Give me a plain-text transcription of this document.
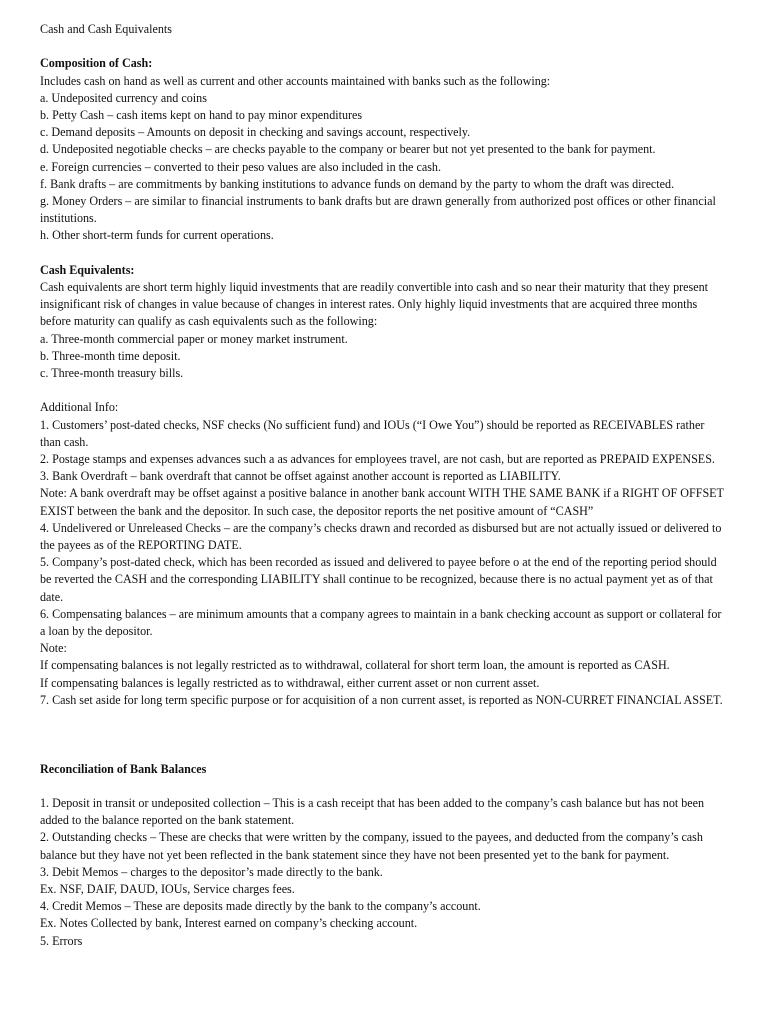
Cash and Cash Equivalents
Composition of Cash:
Includes cash on hand as well as current and other accounts maintained with banks such as the following:
a. Undeposited currency and coins
b. Petty Cash – cash items kept on hand to pay minor expenditures
c. Demand deposits – Amounts on deposit in checking and savings account, respectively.
d. Undeposited negotiable checks – are checks payable to the company or bearer but not yet presented to the bank for payment.
e. Foreign currencies – converted to their peso values are also included in the cash.
f. Bank drafts – are commitments by banking institutions to advance funds on demand by the party to whom the draft was directed.
g. Money Orders – are similar to financial instruments to bank drafts but are drawn generally from authorized post offices or other financial institutions.
h. Other short-term funds for current operations.
Cash Equivalents:
Cash equivalents are short term highly liquid investments that are readily convertible into cash and so near their maturity that they present insignificant risk of changes in value because of changes in interest rates. Only highly liquid investments that are acquired three months before maturity can qualify as cash equivalents such as the following:
a. Three-month commercial paper or money market instrument.
b. Three-month time deposit.
c. Three-month treasury bills.
Additional Info:
1. Customers’ post-dated checks, NSF checks (No sufficient fund) and IOUs (“I Owe You”) should be reported as RECEIVABLES rather than cash.
2. Postage stamps and expenses advances such a as advances for employees travel, are not cash, but are reported as PREPAID EXPENSES.
3. Bank Overdraft – bank overdraft that cannot be offset against another account is reported as LIABILITY.
Note: A bank overdraft may be offset against a positive balance in another bank account WITH THE SAME BANK if a RIGHT OF OFFSET EXIST between the bank and the depositor. In such case, the depositor reports the net positive amount of “CASH”
4. Undelivered or Unreleased Checks – are the company’s checks drawn and recorded as disbursed but are not actually issued or delivered to the payees as of the REPORTING DATE.
5. Company’s post-dated check, which has been recorded as issued and delivered to payee before o at the end of the reporting period should be reverted the CASH and the corresponding LIABILITY shall continue to be recognized, because there is no actual payment yet as of that date.
6. Compensating balances – are minimum amounts that a company agrees to maintain in a bank checking account as support or collateral for a loan by the depositor.
Note:
If compensating balances is not legally restricted as to withdrawal, collateral for short term loan, the amount is reported as CASH.
If compensating balances is legally restricted as to withdrawal, either current asset or non current asset.
7. Cash set aside for long term specific purpose or for acquisition of a non current asset, is reported as NON-CURRET FINANCIAL ASSET.
Reconciliation of Bank Balances
1. Deposit in transit or undeposited collection – This is a cash receipt that has been added to the company’s cash balance but has not been added to the balance reported on the bank statement.
2. Outstanding checks – These are checks that were written by the company, issued to the payees, and deducted from the company’s cash balance but they have not yet been reflected in the bank statement since they have not been presented yet to the bank for payment.
3. Debit Memos – charges to the depositor’s made directly to the bank.
Ex. NSF, DAIF, DAUD, IOUs, Service charges fees.
4. Credit Memos – These are deposits made directly by the bank to the company’s account.
Ex. Notes Collected by bank, Interest earned on company’s checking account.
5. Errors
